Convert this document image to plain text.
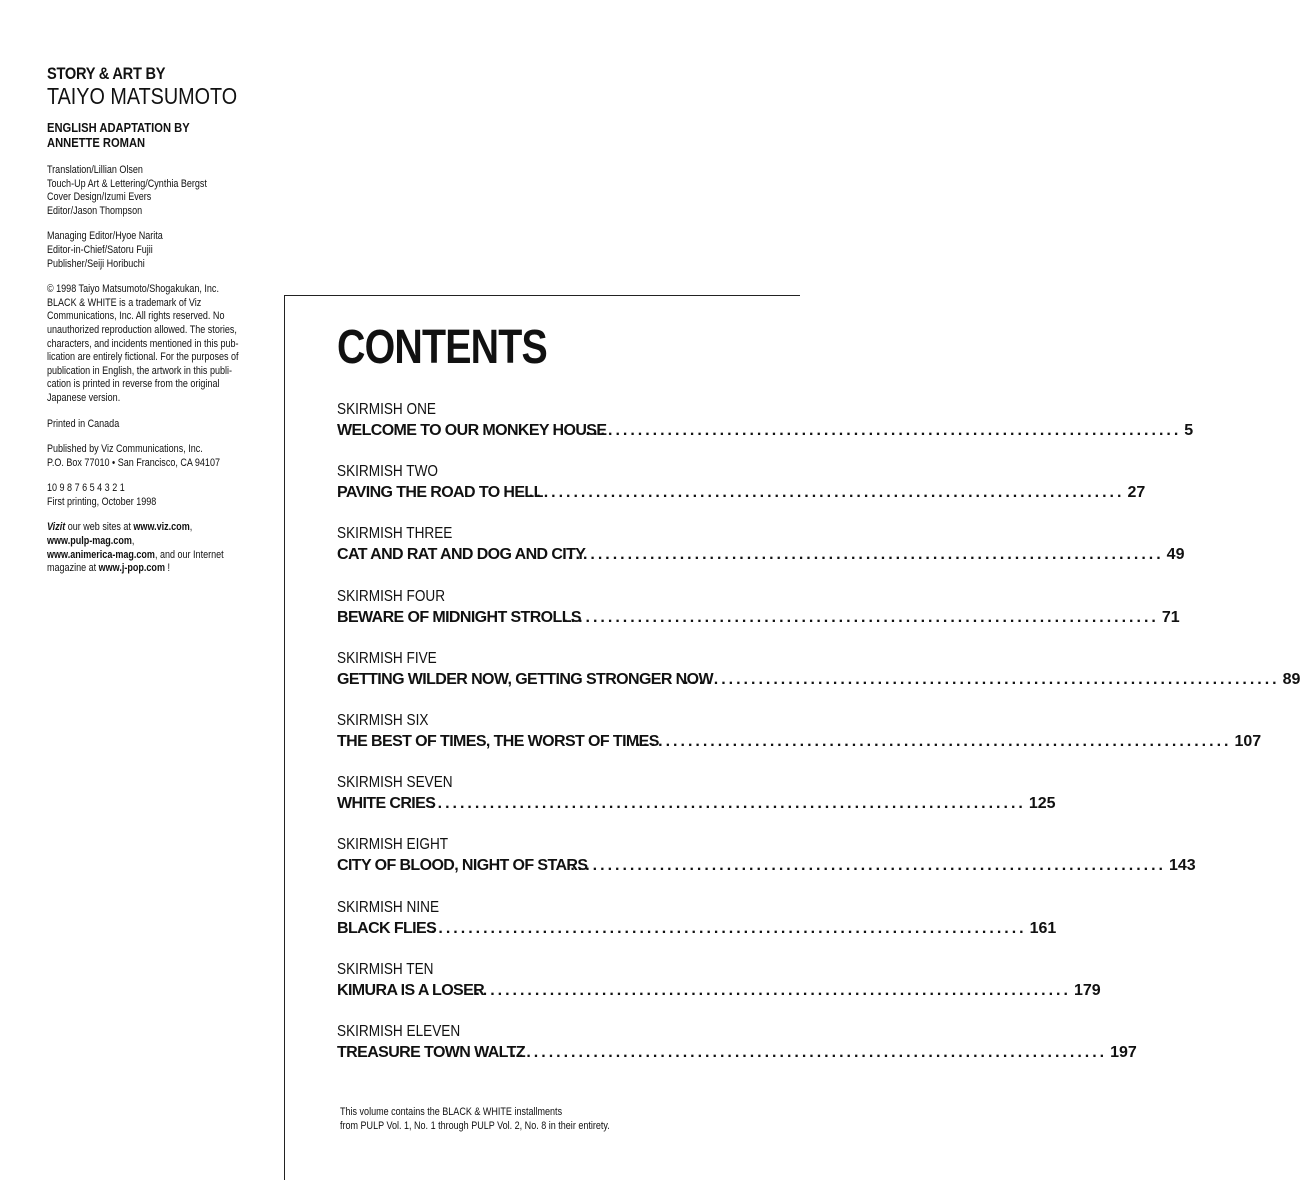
STORY & ART BY

TAIYO MATSUMOTO

ENGLISH ADAPTATION BY

ANNETTE ROMAN

Translation/Lillian Olsen

Touch-Up Art & Lettering/Cynthia Bergst

Cover Design/Izumi Evers

Editor/Jason Thompson

Managing Editor/Hyoe Narita

Editor-in-Chief/Satoru Fujii

Publisher/Seiji Horibuchi

© 1998 Taiyo Matsumoto/Shogakukan, Inc.

BLACK & WHITE is a trademark of Viz

Communications, Inc. All rights reserved. No

unauthorized reproduction allowed. The stories,

characters, and incidents mentioned in this pub-

lication are entirely fictional. For the purposes of

publication in English, the artwork in this publi-

cation is printed in reverse from the original

Japanese version.

Printed in Canada

Published by Viz Communications, Inc.

P.O. Box 77010 • San Francisco, CA 94107

10 9 8 7 6 5 4 3 2 1

First printing, October 1998

Vizit our web sites at www.viz.com,

www.pulp-mag.com,

www.animerica-mag.com, and our Internet

magazine at www.j-pop.com !

CONTENTS
SKIRMISH ONE
WELCOME TO OUR MONKEY HOUSE
................................................................................ 5
SKIRMISH TWO
PAVING THE ROAD TO HELL
................................................................................ 27
SKIRMISH THREE
CAT AND RAT AND DOG AND CITY
................................................................................ 49
SKIRMISH FOUR
BEWARE OF MIDNIGHT STROLLS
................................................................................ 71
SKIRMISH FIVE
GETTING WILDER NOW, GETTING STRONGER NOW
................................................................................ 89
SKIRMISH SIX
THE BEST OF TIMES, THE WORST OF TIMES
................................................................................ 107
SKIRMISH SEVEN
WHITE CRIES
................................................................................ 125
SKIRMISH EIGHT
CITY OF BLOOD, NIGHT OF STARS
................................................................................ 143
SKIRMISH NINE
BLACK FLIES
................................................................................ 161
SKIRMISH TEN
KIMURA IS A LOSER
................................................................................ 179
SKIRMISH ELEVEN
TREASURE TOWN WALTZ
................................................................................ 197
This volume contains the BLACK & WHITE installments
from PULP Vol. 1, No. 1 through PULP Vol. 2, No. 8 in their entirety.
